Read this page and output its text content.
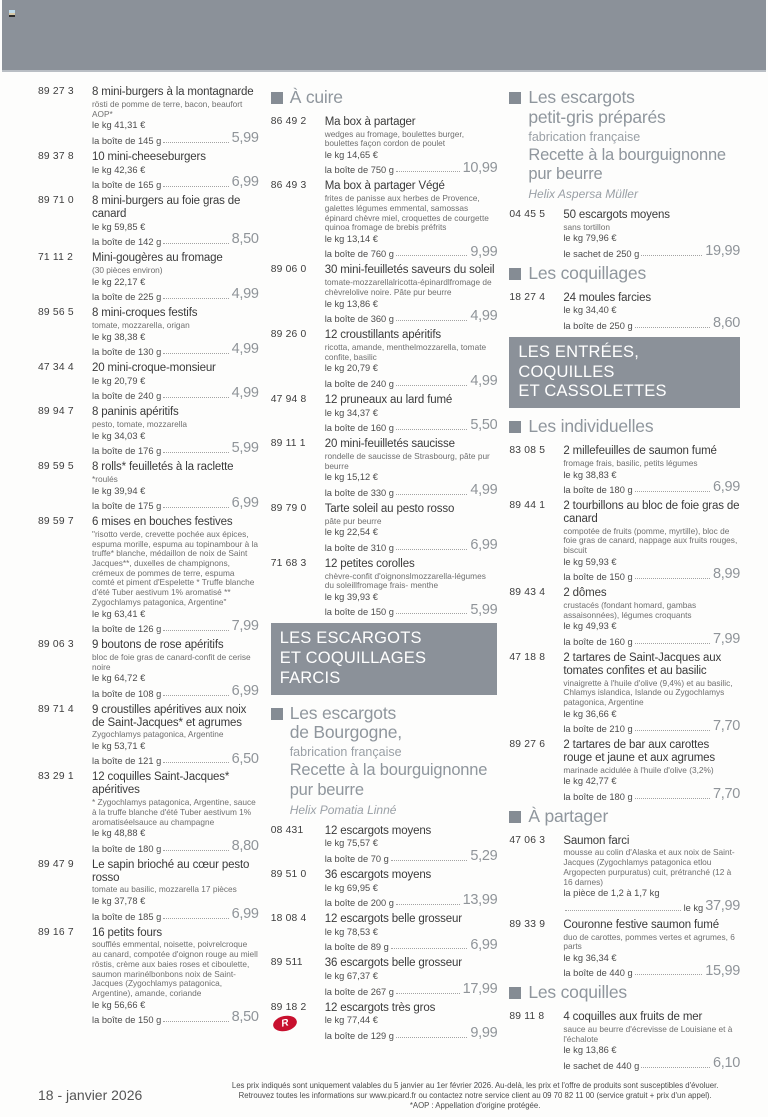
89 27 3 8 mini-burgers à la montagnarde
rösti de pomme de terre, bacon, beaufort AOP*
le kg 41,31 €
la boîte de 145 g	5,99
89 37 8 10 mini-cheeseburgers
le kg 42,36 €
la boîte de 165 g	6,99
89 71 0 8 mini-burgers au foie gras de canard
le kg 59,85 €
la boîte de 142 g	8,50
71 11 2 Mini-gougères au fromage
(30 pièces environ)
le kg 22,17 €
la boîte de 225 g	4,99
89 56 5 8 mini-croques festifs
tomate, mozzarella, origan
le kg 38,38 €
la boîte de 130 g	4,99
47 34 4 20 mini-croque-monsieur
le kg 20,79 €
la boîte de 240 g	4,99
89 94 7 8 paninis apéritifs
pesto, tomate, mozzarella
le kg 34,03 €
la boîte de 176 g	5,99
89 59 5 8 rolls* feuilletés à la raclette
*roulés
le kg 39,94 €
la boîte de 175 g	6,99
89 59 7 6 mises en bouches festives
"risotto verde, crevette pochée aux épices, espuma morille, espuma au topinambour à la truffe* blanche, médaillon de noix de Saint Jacques**, duxelles de champignons, crémeux de pommes de terre, espuma comté et piment d'Espelette * Truffe blanche d'été Tuber aestivum 1% aromatisé ** Zygochlamys patagonica, Argentine"
le kg 63,41 €
la boîte de 126 g	7,99
89 06 3 9 boutons de rose apéritifs
bloc de foie gras de canard-confit de cerise noire
le kg 64,72 €
la boîte de 108 g	6,99
89 71 4 9 croustilles apéritives aux noix de Saint-Jacques* et agrumes
Zygochlamys patagonica, Argentine
le kg 53,71 €
la boîte de 121 g	6,50
83 29 1 12 coquilles Saint-Jacques* apéritives
* Zygochlamys patagonica, Argentine, sauce à la truffe blanche d'été Tuber aestivum 1% aromatiséelsauce au champagne
le kg 48,88 €
la boîte de 180 g	8,80
89 47 9 Le sapin brioché au cœur pesto rosso
tomate au basilic, mozzarella 17 pièces
le kg 37,78 €
la boîte de 185 g	6,99
89 16 7 16 petits fours
soufflés emmental, noisette, poivrelcroque au canard, compotée d'oignon rouge au miell röstis, crème aux baies roses et ciboulette, saumon marinélbonbons noix de Saint-Jacques (Zygochlamys patagonica, Argentine), amande, coriande
le kg 56,66 €
la boîte de 150 g	8,50
À cuire
86 49 2 Ma box à partager
wedges au fromage, boulettes burger, boulettes façon cordon de poulet
le kg 14,65 €
la boîte de 750 g	10,99
86 49 3 Ma box à partager Végé
frites de panisse aux herbes de Provence, galettes légumes emmental, samossas épinard chèvre miel, croquettes de courgette quinoa fromage de brebis préfrits
le kg 13,14 €
la boîte de 760 g	9,99
89 06 0 30 mini-feuilletés saveurs du soleil
tomate-mozzarellalricotta-épinardlfromage de chèvrelolive noire. Pâte pur beurre
le kg 13,86 €
la boîte de 360 g	4,99
89 26 0 12 croustillants apéritifs
ricotta, amande, menthelmozzarella, tomate confite, basilic
le kg 20,79 €
la boîte de 240 g	4,99
47 94 8 12 pruneaux au lard fumé
le kg 34,37 €
la boîte de 160 g	5,50
89 11 1 20 mini-feuilletés saucisse
rondelle de saucisse de Strasbourg, pâte pur beurre
le kg 15,12 €
la boîte de 330 g	4,99
89 79 0 Tarte soleil au pesto rosso
pâte pur beurre
le kg 22,54 €
la boîte de 310 g	6,99
71 68 3 12 petites corolles
chèvre-confit d'oignonslmozzarella-légumes du soleillfromage frais- menthe
le kg 39,93 €
la boîte de 150 g	5,99
LES ESCARGOTS
ET COQUILLAGES FARCIS
Les escargots
de Bourgogne,
fabrication française
Recette à la bourguignonne
pur beurre
Helix Pomatia Linné
08 431 12 escargots moyens
le kg 75,57 €
la boîte de 70 g	5,29
89 51 0 36 escargots moyens
le kg 69,95 €
la boîte de 200 g	13,99
18 08 4 12 escargots belle grosseur
le kg 78,53 €
la boîte de 89 g	6,99
89 511 36 escargots belle grosseur
le kg 67,37 €
la boîte de 267 g	17,99
89 18 2
R
12 escargots très gros
le kg 77,44 €
la boîte de 129 g	9,99
Les escargots
petit-gris préparés
fabrication française
Recette à la bourguignonne
pur beurre
Helix Aspersa Müller
04 45 5 50 escargots moyens
sans tortillon
le kg 79,96 €
le sachet de 250 g	19,99
Les coquillages
18 27 4 24 moules farcies
le kg 34,40 €
la boîte de 250 g	8,60
LES ENTRÉES, COQUILLES
ET CASSOLETTES
Les individuelles
83 08 5 2 millefeuilles de saumon fumé
fromage frais, basilic, petits légumes
le kg 38,83 €
la boîte de 180 g	6,99
89 44 1 2 tourbillons au bloc de foie gras de canard
compotée de fruits (pomme, myrtille), bloc de foie gras de canard, nappage aux fruits rouges, biscuit
le kg 59,93 €
la boîte de 150 g	8,99
89 43 4 2 dômes
crustacés (fondant homard, gambas assaisonnées), légumes croquants
le kg 49,93 €
la boîte de 160 g	7,99
47 18 8 2 tartares de Saint-Jacques aux tomates confites et au basilic
vinaigrette à l'huile d'olive (9,4%) et au basilic, Chlamys islandica, Islande ou Zygochlamys patagonica, Argentine
le kg 36,66 €
la boîte de 210 g	7,70
89 27 6 2 tartares de bar aux carottes rouge et jaune et aux agrumes
marinade acidulée à l'huile d'olive (3,2%)
le kg 42,77 €
la boîte de 180 g	7,70
À partager
47 06 3 Saumon farci
mousse au colin d'Alaska et aux noix de Saint-Jacques (Zygochlamys patagonica etlou Argopecten purpuratus) cuit, prétranché (12 à 16 darnes)
la pièce de 1,2 à 1,7 kg
le kg 37,99
89 33 9 Couronne festive saumon fumé
duo de carottes, pommes vertes et agrumes, 6 parts
le kg 36,34 €
la boîte de 440 g	15,99
Les coquilles
89 11 8 4 coquilles aux fruits de mer
sauce au beurre d'écrevisse de Louisiane et à l'échalote
le kg 13,86 €
le sachet de 440 g	6,10
18 - janvier 2026
Les prix indiqués sont uniquement valables du 5 janvier au 1er février 2026. Au-delà, les prix et l'offre de produits sont susceptibles d'évoluer.
Retrouvez toutes les informations sur www.picard.fr ou contactez notre service client au 09 70 82 11 00 (service gratuit + prix d'un appel).
*AOP : Appellation d'origine protégée.
